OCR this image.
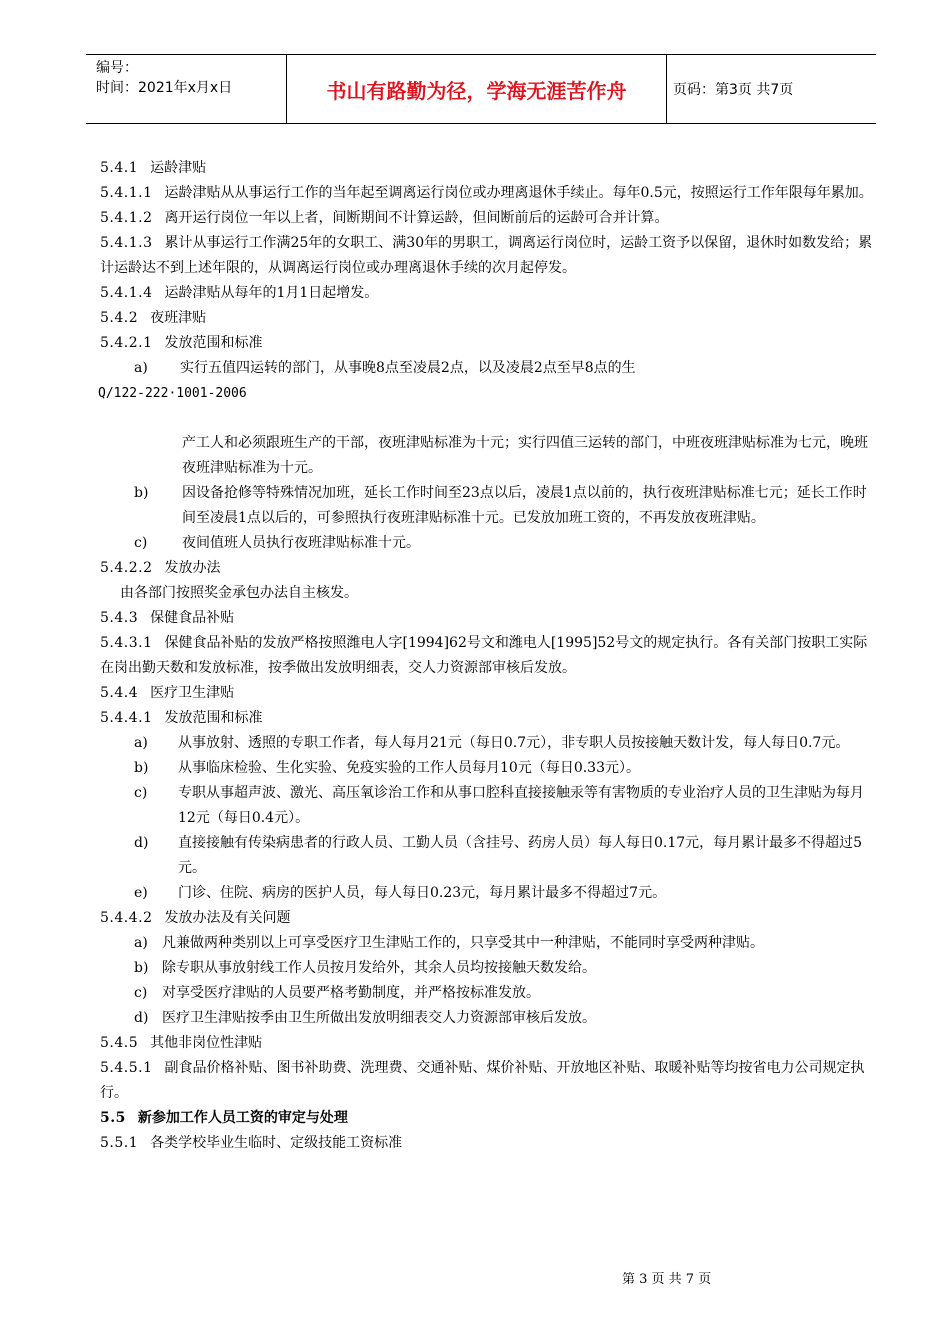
编号：
时间：2021年x月x日	书山有路勤为径，学海无涯苦作舟	页码：第3页 共7页
5.4.1 运龄津贴
5.4.1.1 运龄津贴从从事运行工作的当年起至调离运行岗位或办理离退休手续止。每年0.5元，按照运行工作年限每年累加。
5.4.1.2 离开运行岗位一年以上者，间断期间不计算运龄，但间断前后的运龄可合并计算。
5.4.1.3 累计从事运行工作满25年的女职工、满30年的男职工，调离运行岗位时，运龄工资予以保留，退休时如数发给；累计运龄达不到上述年限的，从调离运行岗位或办理离退休手续的次月起停发。
5.4.1.4 运龄津贴从每年的1月1日起增发。
5.4.2 夜班津贴
5.4.2.1 发放范围和标准
a) 实行五值四运转的部门，从事晚8点至凌晨2点，以及凌晨2点至早8点的生
Q/122-222·1001-2006
产工人和必须跟班生产的干部，夜班津贴标准为十元；实行四值三运转的部门，中班夜班津贴标准为七元，晚班夜班津贴标准为十元。
b)	因设备抢修等特殊情况加班，延长工作时间至23点以后，凌晨1点以前的，执行夜班津贴标准七元；延长工作时间至凌晨1点以后的，可参照执行夜班津贴标准十元。已发放加班工资的，不再发放夜班津贴。
c)	夜间值班人员执行夜班津贴标准十元。
5.4.2.2 发放办法
由各部门按照奖金承包办法自主核发。
5.4.3 保健食品补贴
5.4.3.1 保健食品补贴的发放严格按照潍电人字[1994]62号文和潍电人[1995]52号文的规定执行。各有关部门按职工实际在岗出勤天数和发放标准，按季做出发放明细表，交人力资源部审核后发放。
5.4.4 医疗卫生津贴
5.4.4.1 发放范围和标准
a)	从事放射、透照的专职工作者，每人每月21元（每日0.7元），非专职人员按接触天数计发，每人每日0.7元。
b)	从事临床检验、生化实验、免疫实验的工作人员每月10元（每日0.33元）。
c)	专职从事超声波、激光、高压氧诊治工作和从事口腔科直接接触汞等有害物质的专业治疗人员的卫生津贴为每月12元（每日0.4元）。
d)	直接接触有传染病患者的行政人员、工勤人员（含挂号、药房人员）每人每日0.17元，每月累计最多不得超过5元。
e)	门诊、住院、病房的医护人员，每人每日0.23元，每月累计最多不得超过7元。
5.4.4.2 发放办法及有关问题
a)	凡兼做两种类别以上可享受医疗卫生津贴工作的，只享受其中一种津贴，不能同时享受两种津贴。
b) 除专职从事放射线工作人员按月发给外，其余人员均按接触天数发给。
c)	对享受医疗津贴的人员要严格考勤制度，并严格按标准发放。
d) 医疗卫生津贴按季由卫生所做出发放明细表交人力资源部审核后发放。
5.4.5 其他非岗位性津贴
5.4.5.1 副食品价格补贴、图书补助费、洗理费、交通补贴、煤价补贴、开放地区补贴、取暖补贴等均按省电力公司规定执行。
5.5 新参加工作人员工资的审定与处理
5.5.1 各类学校毕业生临时、定级技能工资标准
第 3 页 共 7 页
